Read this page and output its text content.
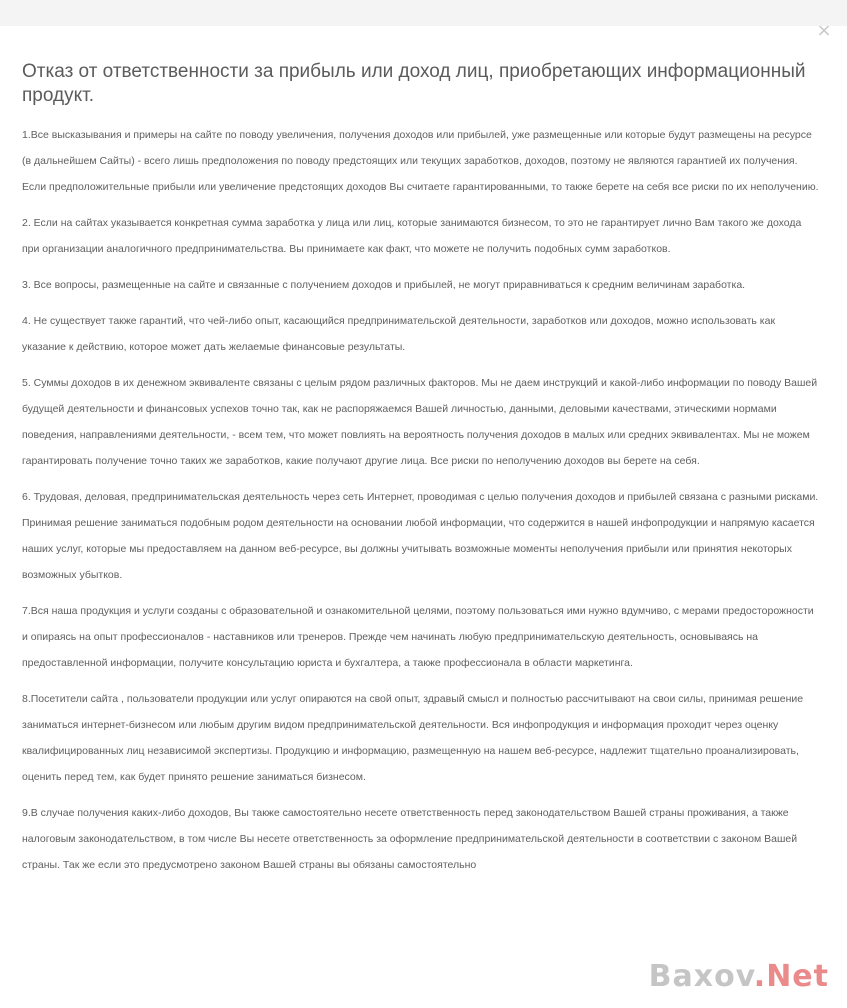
×
Отказ от ответственности за прибыль или доход лиц, приобретающих информационный продукт.

1.Все высказывания и примеры на сайте по поводу увеличения, получения доходов или прибылей, уже размещенные или которые будут размещены на ресурсе (в дальнейшем Сайты) - всего лишь предположения по поводу предстоящих или текущих заработков, доходов, поэтому не являются гарантией их получения. Если предположительные прибыли или увеличение предстоящих доходов Вы считаете гарантированными, то также берете на себя все риски по их неполучению.

2. Если на сайтах указывается конкретная сумма заработка у лица или лиц, которые занимаются бизнесом, то это не гарантирует лично Вам такого же дохода при организации аналогичного предпринимательства. Вы принимаете как факт, что можете не получить подобных сумм заработков.

3. Все вопросы, размещенные на сайте и связанные с получением доходов и прибылей, не могут приравниваться к средним величинам заработка.

4. Не существует также гарантий, что чей-либо опыт, касающийся предпринимательской деятельности, заработков или доходов, можно использовать как указание к действию, которое может дать желаемые финансовые результаты.

5. Суммы доходов в их денежном эквиваленте связаны с целым рядом различных факторов. Мы не даем инструкций и какой-либо информации по поводу Вашей будущей деятельности и финансовых успехов точно так, как не распоряжаемся Вашей личностью, данными, деловыми качествами, этическими нормами поведения, направлениями деятельности, - всем тем, что может повлиять на вероятность получения доходов в малых или средних эквивалентах. Мы не можем гарантировать получение точно таких же заработков, какие получают другие лица. Все риски по неполучению доходов вы берете на себя.

6. Трудовая, деловая, предпринимательская деятельность через сеть Интернет, проводимая с целью получения доходов и прибылей связана с разными рисками. Принимая решение заниматься подобным родом деятельности на основании любой информации, что содержится в нашей инфопродукции и напрямую касается наших услуг, которые мы предоставляем на данном веб-ресурсе, вы должны учитывать возможные моменты неполучения прибыли или принятия некоторых возможных убытков.

7.Вся наша продукция и услуги созданы с образовательной и ознакомительной целями, поэтому пользоваться ими нужно вдумчиво, с мерами предосторожности и опираясь на опыт профессионалов - наставников или тренеров. Прежде чем начинать любую предпринимательскую деятельность, основываясь на предоставленной информации, получите консультацию юриста и бухгалтера, а также профессионала в области маркетинга.

8.Посетители сайта , пользователи продукции или услуг опираются на свой опыт, здравый смысл и полностью рассчитывают на свои силы, принимая решение заниматься интернет-бизнесом или любым другим видом предпринимательской деятельности. Вся инфопродукция и информация проходит через оценку квалифицированных лиц независимой экспертизы. Продукцию и информацию, размещенную на нашем веб-ресурсе, надлежит тщательно проанализировать, оценить перед тем, как будет принято решение заниматься бизнесом.

9.В случае получения каких-либо доходов, Вы также самостоятельно несете ответственность перед законодательством Вашей страны проживания, а также налоговым законодательством, в том числе Вы несете ответственность за оформление предпринимательской деятельности в соответствии с законом Вашей страны. Так же если это предусмотрено законом Вашей страны вы обязаны самостоятельно

Baxov.Net
